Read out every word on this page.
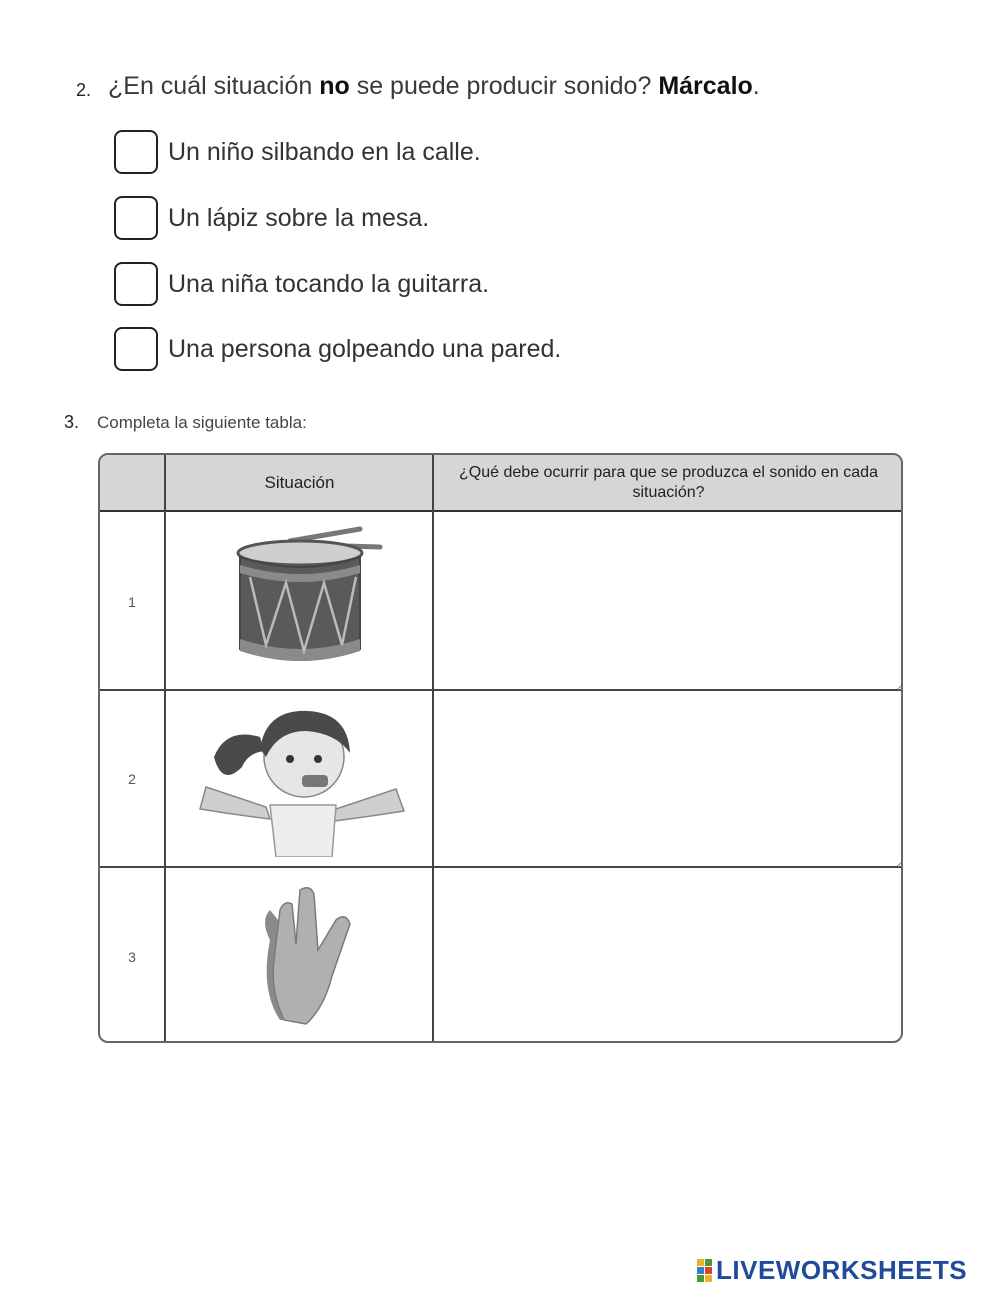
2. ¿En cuál situación no se puede producir sonido? Márcalo.
Un niño silbando en la calle.
Un lápiz sobre la mesa.
Una niña tocando la guitarra.
Una persona golpeando una pared.
3. Completa la siguiente tabla:
Situación
¿Qué debe ocurrir para que se produzca el sonido en cada situación?
1
2
3
LIVEWORKSHEETS
